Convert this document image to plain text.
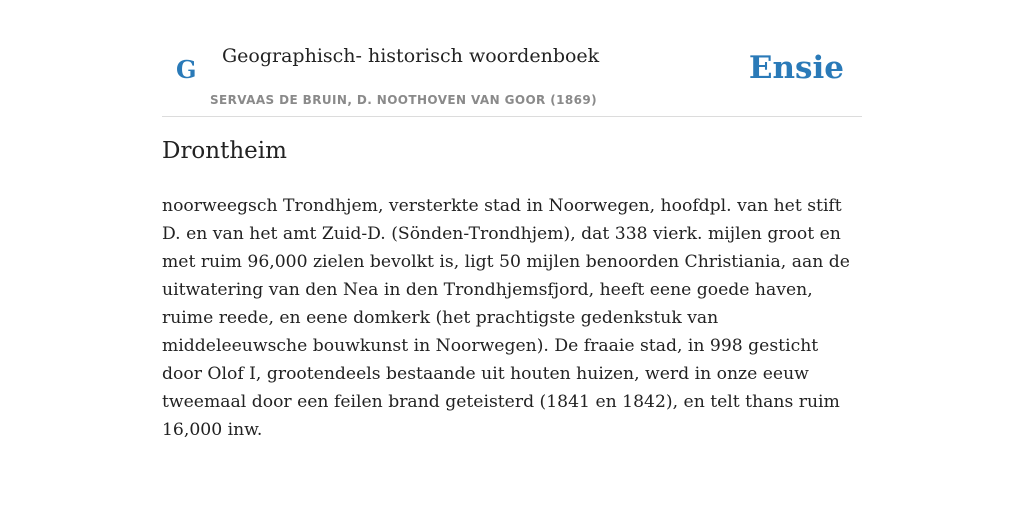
G Geographisch- historisch woordenboek
SERVAAS DE BRUIN, D. NOOTHOVEN VAN GOOR (1869)
Ensie
Drontheim

noorweegsch Trondhjem, versterkte stad in Noorwegen, hoofdpl. van het stift D. en van het amt Zuid-D. (Sönden-Trondhjem), dat 338 vierk. mijlen groot en met ruim 96,000 zielen bevolkt is, ligt 50 mijlen benoorden Christiania, aan de uitwatering van den Nea in den Trondhjemsfjord, heeft eene goede haven, ruime reede, en eene domkerk (het prachtigste gedenkstuk van middeleeuwsche bouwkunst in Noorwegen). De fraaie stad, in 998 gesticht door Olof I, grootendeels bestaande uit houten huizen, werd in onze eeuw tweemaal door een feilen brand geteisterd (1841 en 1842), en telt thans ruim 16,000 inw.
